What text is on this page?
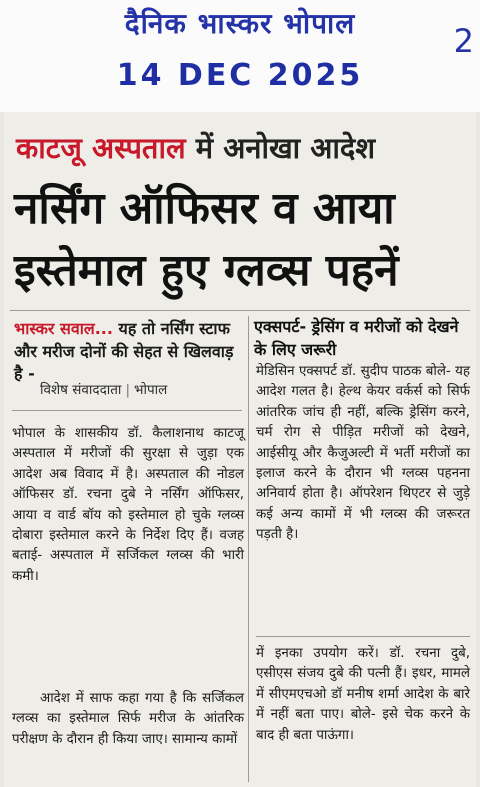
दैनिक भास्कर भोपाल
14 DEC 2025
2
काटजू अस्पताल में अनोखा आदेश
नर्सिंग ऑफिसर व आया
इस्तेमाल हुए ग्लव्स पहनें
भास्कर सवाल... यह तो नर्सिंग स्टाफ और मरीज दोनों की सेहत से खिलवाड़ है -
विशेष संवाददाता | भोपाल
एक्सपर्ट- ड्रेसिंग व मरीजों को देखने के लिए जरूरी
भोपाल के शासकीय डॉ. कैलाशनाथ काटजू अस्पताल में मरीजों की सुरक्षा से जुड़ा एक आदेश अब विवाद में है। अस्पताल की नोडल ऑफिसर डॉ. रचना दुबे ने नर्सिंग ऑफिसर, आया व वार्ड बॉय को इस्तेमाल हो चुके ग्लव्स दोबारा इस्तेमाल करने के निर्देश दिए हैं। वजह बताई- अस्पताल में सर्जिकल ग्लव्स की भारी कमी।
आदेश में साफ कहा गया है कि सर्जिकल ग्लव्स का इस्तेमाल सिर्फ मरीज के आंतरिक परीक्षण के दौरान ही किया जाए। सामान्य कामों
मेडिसिन एक्सपर्ट डॉ. सुदीप पाठक बोले- यह आदेश गलत है। हेल्थ केयर वर्कर्स को सिर्फ आंतरिक जांच ही नहीं, बल्कि ड्रेसिंग करने, चर्म रोग से पीड़ित मरीजों को देखने, आईसीयू और कैजुअल्टी में भर्ती मरीजों का इलाज करने के दौरान भी ग्लव्स पहनना अनिवार्य होता है। ऑपरेशन थिएटर से जुड़े कई अन्य कामों में भी ग्लव्स की जरूरत पड़ती है।
में इनका उपयोग करें। डॉ. रचना दुबे, एसीएस संजय दुबे की पत्नी हैं। इधर, मामले में सीएमएचओ डॉ मनीष शर्मा आदेश के बारे में नहीं बता पाए। बोले- इसे चेक करने के बाद ही बता पाऊंगा।
